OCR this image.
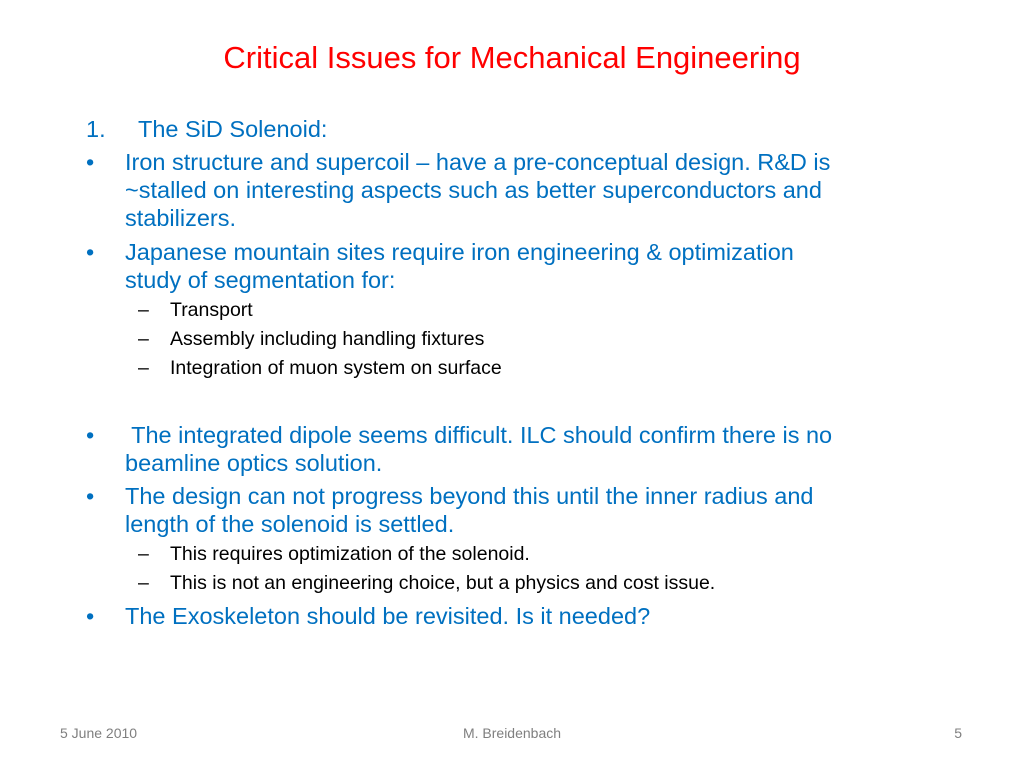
Critical Issues for Mechanical Engineering
1. The SiD Solenoid:
• Iron structure and supercoil – have a pre-conceptual design. R&D is
~stalled on interesting aspects such as better superconductors and
stabilizers.
• Japanese mountain sites require iron engineering & optimization
study of segmentation for:
– Transport
– Assembly including handling fixtures
– Integration of muon system on surface
• The integrated dipole seems difficult. ILC should confirm there is no
beamline optics solution.
• The design can not progress beyond this until the inner radius and
length of the solenoid is settled.
– This requires optimization of the solenoid.
– This is not an engineering choice, but a physics and cost issue.
• The Exoskeleton should be revisited. Is it needed?
5 June 2010	M. Breidenbach	5
